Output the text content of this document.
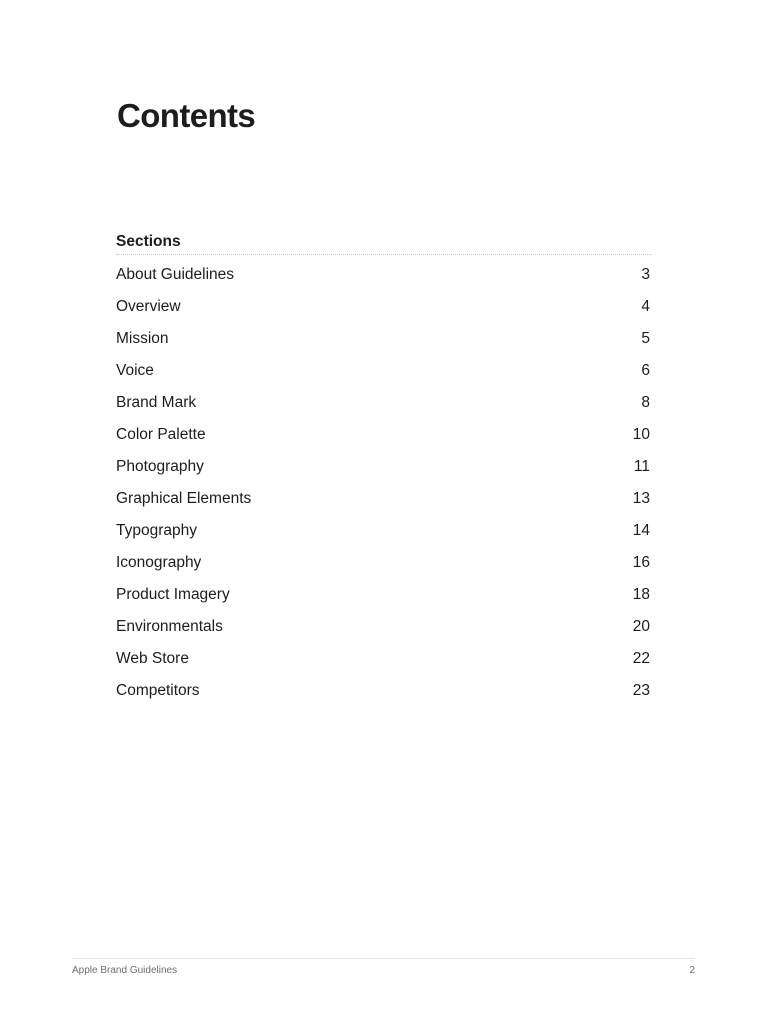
Contents
Sections
About Guidelines	3
Overview	4
Mission	5
Voice	6
Brand Mark	8
Color Palette	10
Photography	11
Graphical Elements	13
Typography	14
Iconography	16
Product Imagery	18
Environmentals	20
Web Store	22
Competitors	23
Apple Brand Guidelines	2
